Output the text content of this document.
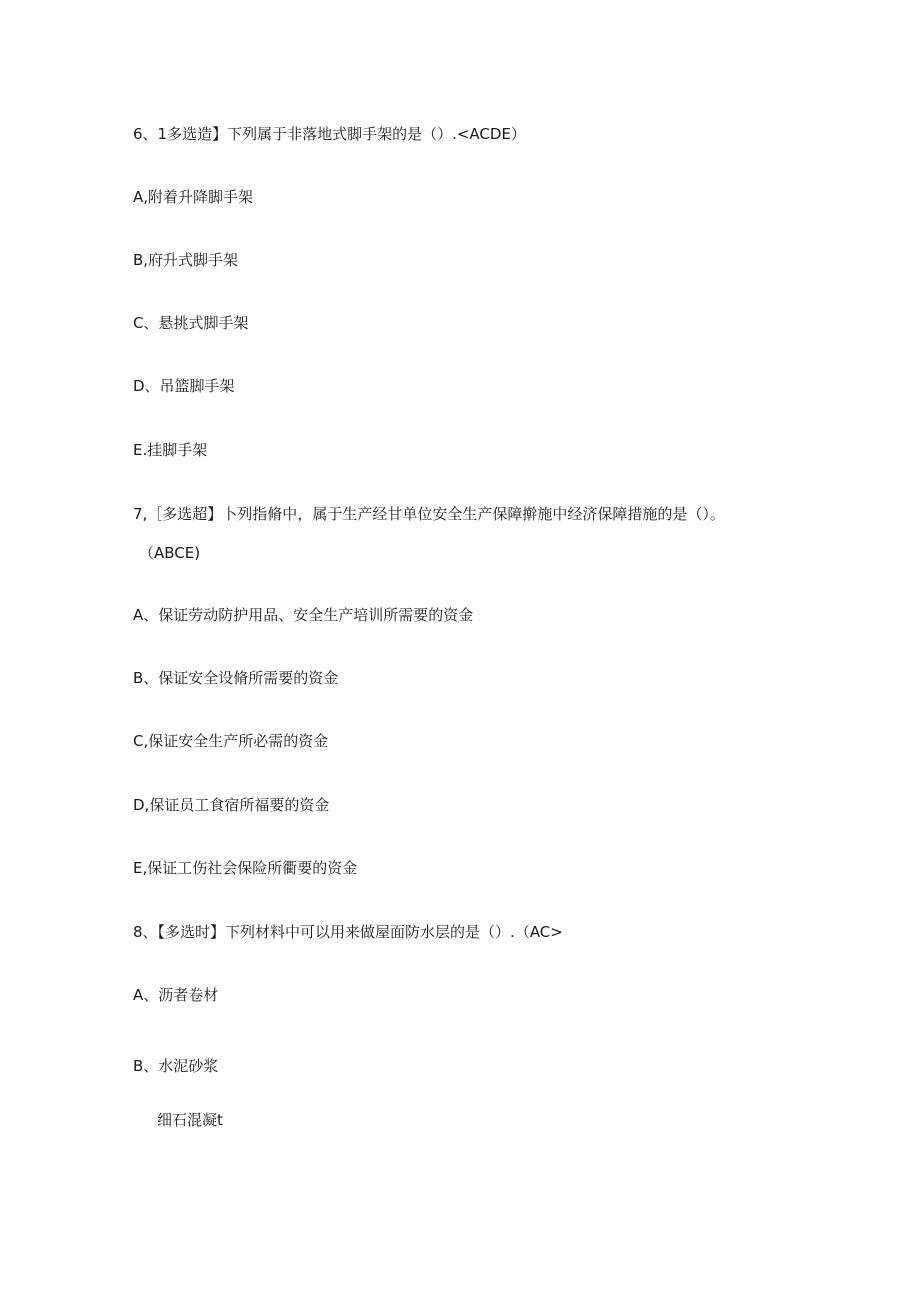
6、1多选造】下列属于非落地式脚手架的是（）.<ACDE）
A,附着升降脚手架
B,府升式脚手架
C、悬挑式脚手架
D、吊篮脚手架
E.挂脚手架
7,［多选超】卜列指脩中，属于生产经甘单位安全生产保障擀施中经济保障措施的是（）。
（ABCE)
A、保证劳动防护用品、安全生产培训所需要的资金
B、保证安全设脩所需要的资金
C,保证安全生产所必需的资金
D,保证员工食宿所福要的资金
E,保证工伤社会保险所衢要的资金
8、【多选时】下列材料中可以用来做屋面防水层的是（）.（AC>
A、沥者卷材
B、水泥砂浆
细石混凝t
